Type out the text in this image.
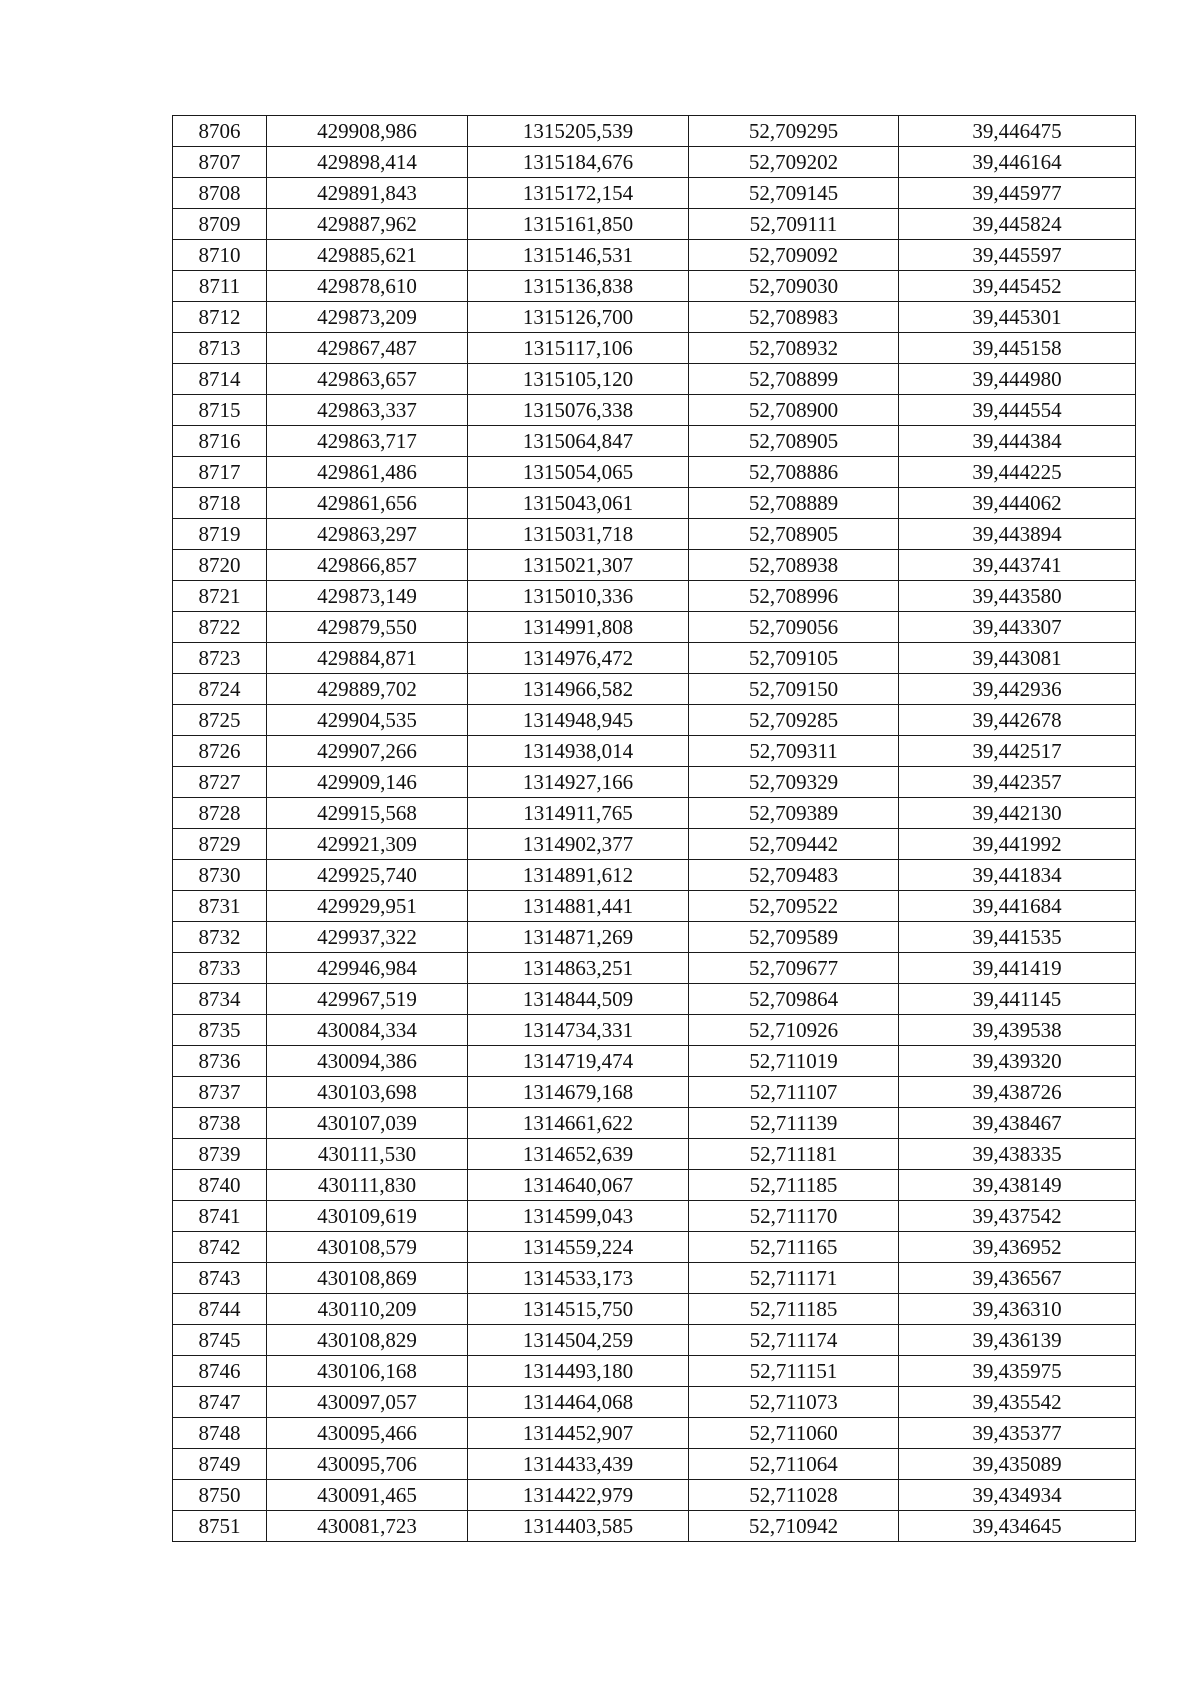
8706	429908,986	1315205,539	52,709295	39,446475
8707	429898,414	1315184,676	52,709202	39,446164
8708	429891,843	1315172,154	52,709145	39,445977
8709	429887,962	1315161,850	52,709111	39,445824
8710	429885,621	1315146,531	52,709092	39,445597
8711	429878,610	1315136,838	52,709030	39,445452
8712	429873,209	1315126,700	52,708983	39,445301
8713	429867,487	1315117,106	52,708932	39,445158
8714	429863,657	1315105,120	52,708899	39,444980
8715	429863,337	1315076,338	52,708900	39,444554
8716	429863,717	1315064,847	52,708905	39,444384
8717	429861,486	1315054,065	52,708886	39,444225
8718	429861,656	1315043,061	52,708889	39,444062
8719	429863,297	1315031,718	52,708905	39,443894
8720	429866,857	1315021,307	52,708938	39,443741
8721	429873,149	1315010,336	52,708996	39,443580
8722	429879,550	1314991,808	52,709056	39,443307
8723	429884,871	1314976,472	52,709105	39,443081
8724	429889,702	1314966,582	52,709150	39,442936
8725	429904,535	1314948,945	52,709285	39,442678
8726	429907,266	1314938,014	52,709311	39,442517
8727	429909,146	1314927,166	52,709329	39,442357
8728	429915,568	1314911,765	52,709389	39,442130
8729	429921,309	1314902,377	52,709442	39,441992
8730	429925,740	1314891,612	52,709483	39,441834
8731	429929,951	1314881,441	52,709522	39,441684
8732	429937,322	1314871,269	52,709589	39,441535
8733	429946,984	1314863,251	52,709677	39,441419
8734	429967,519	1314844,509	52,709864	39,441145
8735	430084,334	1314734,331	52,710926	39,439538
8736	430094,386	1314719,474	52,711019	39,439320
8737	430103,698	1314679,168	52,711107	39,438726
8738	430107,039	1314661,622	52,711139	39,438467
8739	430111,530	1314652,639	52,711181	39,438335
8740	430111,830	1314640,067	52,711185	39,438149
8741	430109,619	1314599,043	52,711170	39,437542
8742	430108,579	1314559,224	52,711165	39,436952
8743	430108,869	1314533,173	52,711171	39,436567
8744	430110,209	1314515,750	52,711185	39,436310
8745	430108,829	1314504,259	52,711174	39,436139
8746	430106,168	1314493,180	52,711151	39,435975
8747	430097,057	1314464,068	52,711073	39,435542
8748	430095,466	1314452,907	52,711060	39,435377
8749	430095,706	1314433,439	52,711064	39,435089
8750	430091,465	1314422,979	52,711028	39,434934
8751	430081,723	1314403,585	52,710942	39,434645
